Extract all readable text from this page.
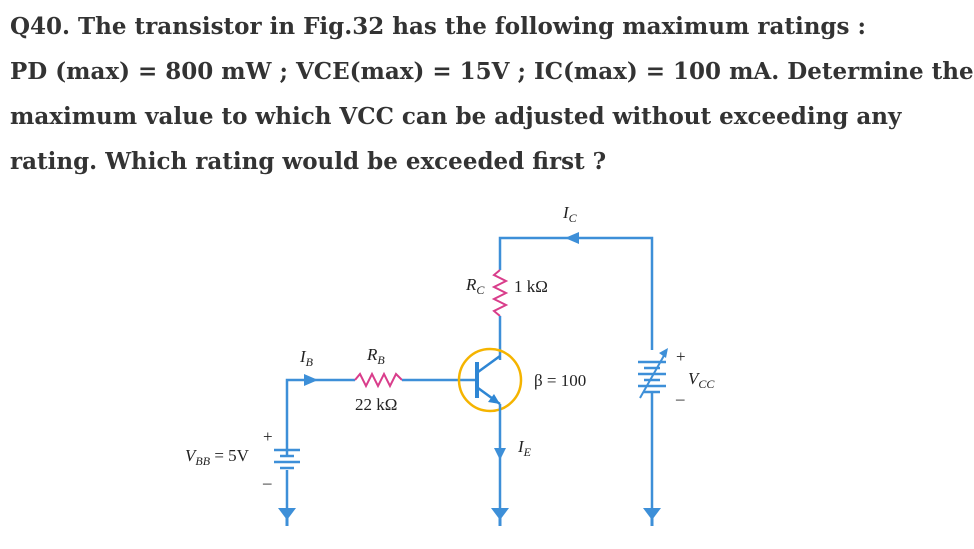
Q40. The transistor in Fig.32 has the following maximum ratings :
PD (max) = 800 mW ; VCE(max) = 15V ; IC(max) = 100 mA. Determine the
maximum value to which VCC can be adjusted without exceeding any
rating. Which rating would be exceeded first ?
$I_C$
$R_C$ 1 kΩ
$I_B$	$R_B$
22 kΩ
β = 100
$I_E$
$V_{BB} = 5V$
+
–
$V_{CC}$
+
–
